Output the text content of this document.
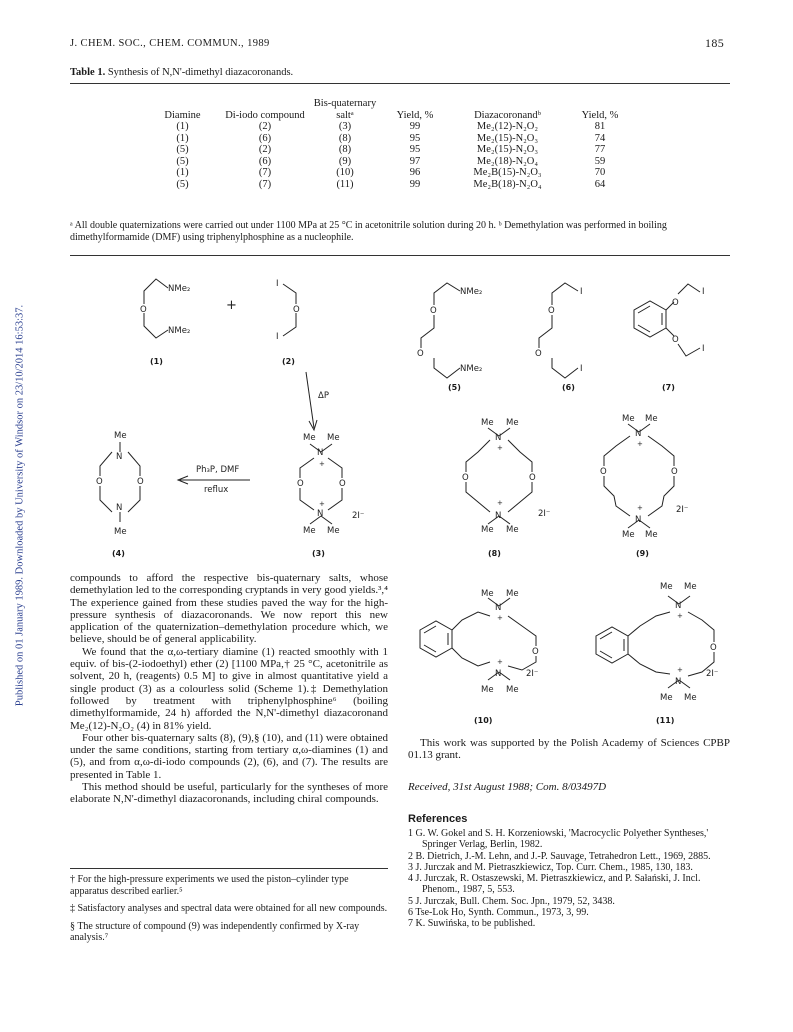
Published on 01 January 1989. Downloaded by University of Windsor on 23/10/2014 16:53:37.
J. CHEM. SOC., CHEM. COMMUN., 1989	185
Table 1. Synthesis of N,N'-dimethyl diazacoronands.
Diamine	Di-iodo compound	Bis-quaternary saltᵃ	Yield, %	Diazacoronandᵇ	Yield, %
(1)	(2)	(3)	99	Me₂(12)-N₂O₂	81
(1)	(6)	(8)	95	Me₂(15)-N₂O₃	74
(5)	(2)	(8)	95	Me₂(15)-N₂O₃	77
(5)	(6)	(9)	97	Me₂(18)-N₂O₄	59
(1)	(7)	(10)	96	Me₂B(15)-N₂O₃	70
(5)	(7)	(11)	99	Me₂B(18)-N₂O₄	64
ᵃ All double quaternizations were carried out under 1100 MPa at 25 °C in acetonitrile solution during 20 h. ᵇ Demethylation was performed in boiling dimethylformamide (DMF) using triphenylphosphine as a nucleophile.
NMe₂
O
NMe₂
+
I
O
I
NMe₂
O
O
NMe₂
I
O
O
I
O
I
O
I
ΔP
Ph₃P, DMF
reflux
Me
N
O	O
N
Me
Me Me
N
+
O	O
+
N
Me Me
2I⁻
Me Me
N
+
O	O
+
N
Me Me
2I⁻
Me Me
N
+
O	O
+
N
Me Me
2I⁻
Me Me
N
+
O
+
N
Me Me
2I⁻
Me Me
N
+
O
+
N
Me Me
2I⁻
(1)	(2)
(3)
(4)
(5)	(6)	(7)
(8)	(9)
(10)	(11)

compounds to afford the respective bis-quaternary salts, whose demethylation led to the corresponding cryptands in very good yields.³,⁴ The experience gained from these studies paved the way for the high-pressure synthesis of diazacoronands. We now report this new application of the quaternization–demethylation procedure which, we believe, should be of general applicability.

We found that the α,ω-tertiary diamine (1) reacted smoothly with 1 equiv. of bis-(2-iodoethyl) ether (2) [1100 MPa,† 25 °C, acetonitrile as solvent, 20 h, (reagents) 0.5 M] to give in almost quantitative yield a single product (3) as a colourless solid (Scheme 1).‡ Demethylation followed by treatment with triphenylphosphine⁶ (boiling dimethylformamide, 24 h) afforded the N,N'-dimethyl diazacoronand Me₂(12)-N₂O₂ (4) in 81% yield.

Four other bis-quaternary salts (8), (9),§ (10), and (11) were obtained under the same conditions, starting from tertiary α,ω-diamines (1) and (5), and from α,ω-di-iodo compounds (2), (6), and (7). The results are presented in Table 1.

This method should be useful, particularly for the syntheses of more elaborate N,N'-dimethyl diazacoronands, including chiral compounds.

† For the high-pressure experiments we used the piston–cylinder type apparatus described earlier.⁵

‡ Satisfactory analyses and spectral data were obtained for all new compounds.

§ The structure of compound (9) was independently confirmed by X-ray analysis.⁷

This work was supported by the Polish Academy of Sciences CPBP 01.13 grant.

Received, 31st August 1988; Com. 8/03497D
References
1 G. W. Gokel and S. H. Korzeniowski, 'Macrocyclic Polyether Syntheses,' Springer Verlag, Berlin, 1982.
2 B. Dietrich, J.-M. Lehn, and J.-P. Sauvage, Tetrahedron Lett., 1969, 2885.
3 J. Jurczak and M. Pietraszkiewicz, Top. Curr. Chem., 1985, 130, 183.
4 J. Jurczak, R. Ostaszewski, M. Pietraszkiewicz, and P. Sałański, J. Incl. Phenom., 1987, 5, 553.
5 J. Jurczak, Bull. Chem. Soc. Jpn., 1979, 52, 3438.
6 Tse-Lok Ho, Synth. Commun., 1973, 3, 99.
7 K. Suwińska, to be published.
